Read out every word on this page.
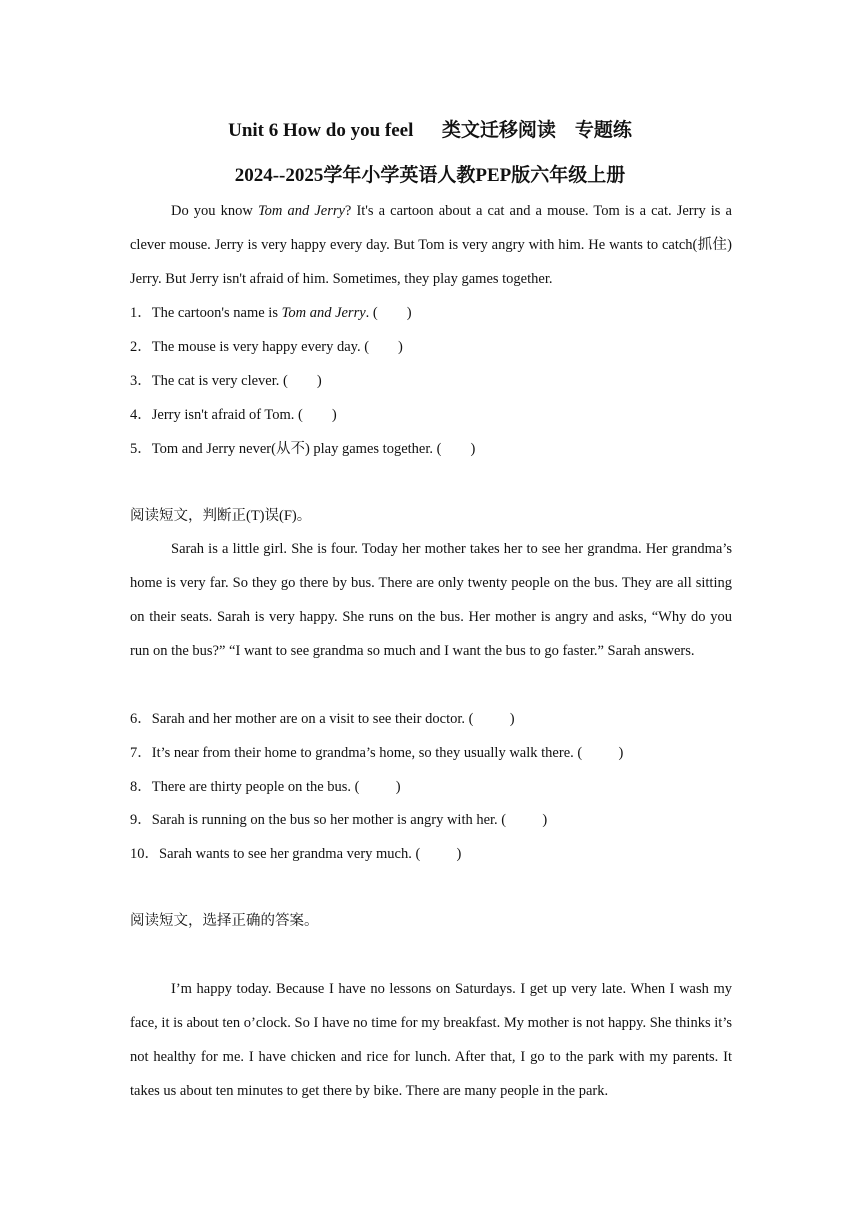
Unit 6 How do you feel      类文迁移阅读    专题练
2024--2025学年小学英语人教PEP版六年级上册

Do you know Tom and Jerry? It's a cartoon about a cat and a mouse. Tom is a cat. Jerry is a clever mouse. Jerry is very happy every day. But Tom is very angry with him. He wants to catch(抓住) Jerry. But Jerry isn't afraid of him. Sometimes, they play games together.

1．The cartoon's name is Tom and Jerry. (        )
2．The mouse is very happy every day. (        )
3．The cat is very clever. (        )
4．Jerry isn't afraid of Tom. (        )
5．Tom and Jerry never(从不) play games together. (        )
阅读短文，判断正(T)误(F)。

Sarah is a little girl. She is four. Today her mother takes her to see her grandma. Her grandma’s home is very far. So they go there by bus. There are only twenty people on the bus. They are all sitting on their seats. Sarah is very happy. She runs on the bus. Her mother is angry and asks, “Why do you run on the bus?” “I want to see grandma so much and I want the bus to go faster.” Sarah answers.

6．Sarah and her mother are on a visit to see their doctor. (          )
7．It’s near from their home to grandma’s home, so they usually walk there. (          )
8．There are thirty people on the bus. (          )
9．Sarah is running on the bus so her mother is angry with her. (          )
10．Sarah wants to see her grandma very much. (          )
阅读短文，选择正确的答案。

I’m happy today. Because I have no lessons on Saturdays. I get up very late. When I wash my face, it is about ten o’clock. So I have no time for my breakfast. My mother is not happy. She thinks it’s not healthy for me. I have chicken and rice for lunch. After that, I go to the park with my parents. It takes us about ten minutes to get there by bike. There are many people in the park.
